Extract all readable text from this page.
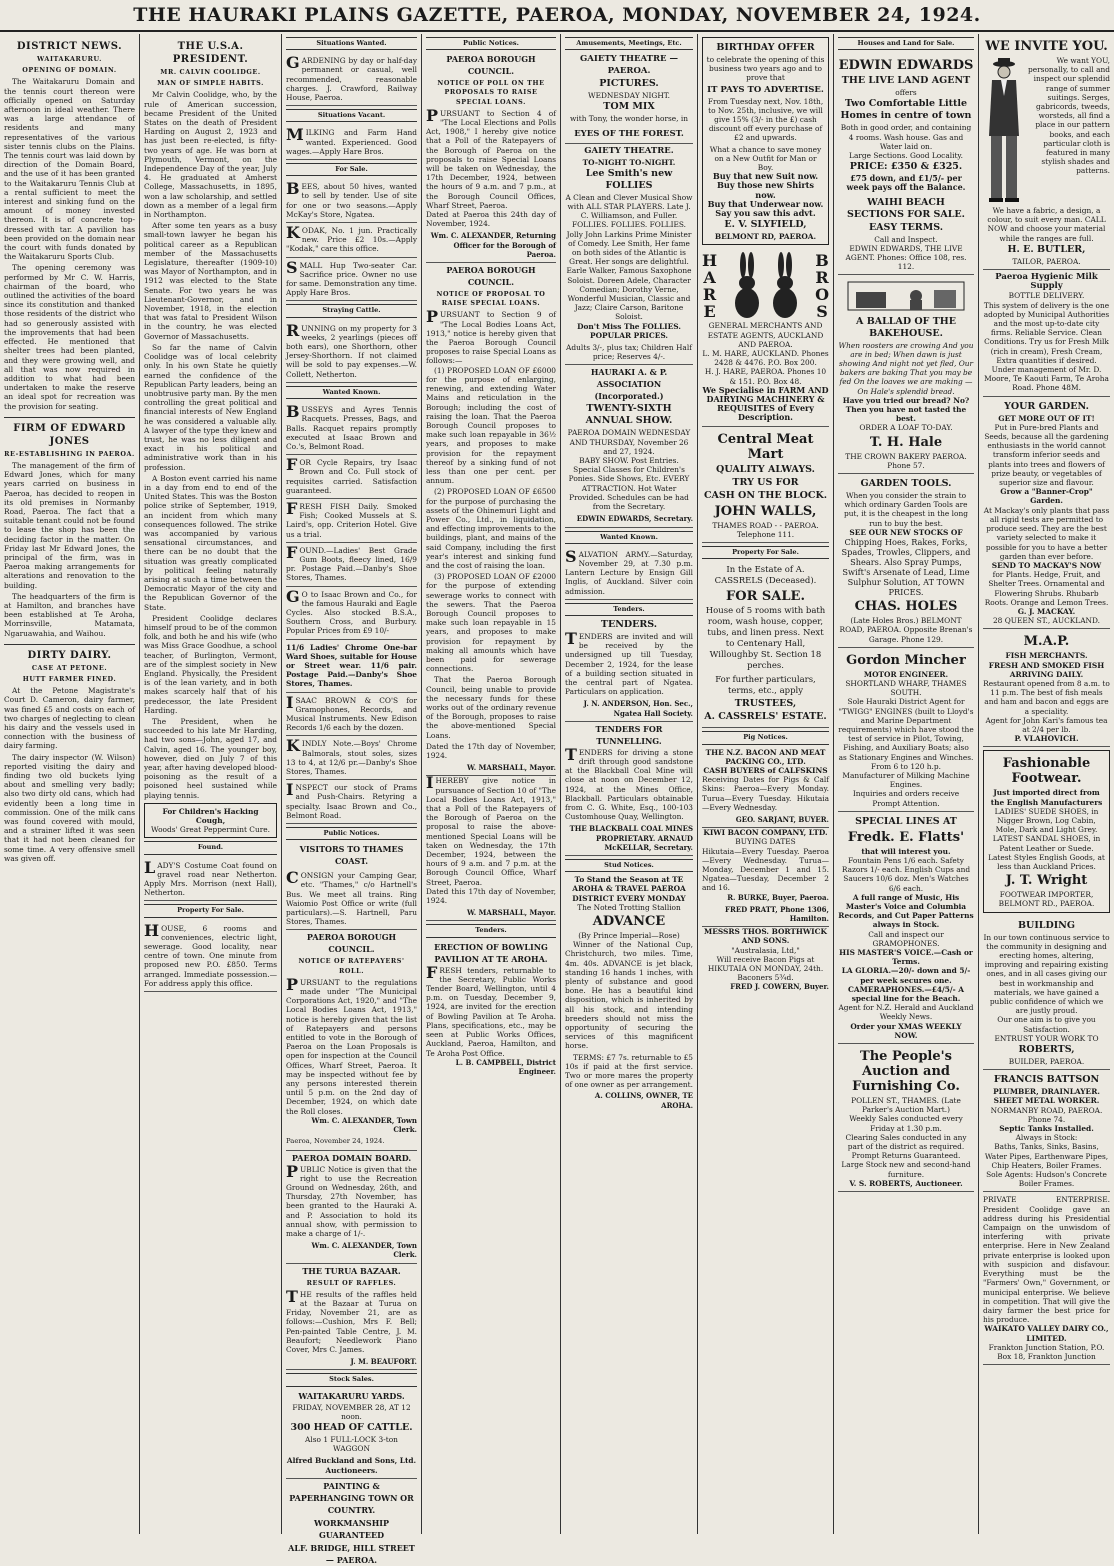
THE HAURAKI PLAINS GAZETTE, PAEROA, MONDAY, NOVEMBER 24, 1924.
DISTRICT NEWS.
WAITAKARURU.
OPENING OF DOMAIN.

The Waitakaruru Domain and the tennis court thereon were officially opened on Saturday afternoon in ideal weather. There was a large attendance of residents and many representatives of the various sister tennis clubs on the Plains. The tennis court was laid down by direction of the Domain Board, and the use of it has been granted to the Waitakaruru Tennis Club at a rental sufficient to meet the interest and sinking fund on the amount of money invested thereon. It is of concrete top-dressed with tar. A pavilion has been provided on the domain near the court with funds donated by the Waitakaruru Sports Club.

The opening ceremony was performed by Mr C. W. Harris, chairman of the board, who outlined the activities of the board since its constitution and thanked those residents of the district who had so generously assisted with the improvements that had been effected. He mentioned that shelter trees had been planted, and they were growing well, and all that was now required in addition to what had been undertaken to make the reserve an ideal spot for recreation was the provision for seating.

FIRM OF EDWARD JONES
RE-ESTABLISHING IN PAEROA.

The management of the firm of Edward Jones, which for many years carried on business in Paeroa, has decided to reopen in its old premises in Normanby Road, Paeroa. The fact that a suitable tenant could not be found to lease the shop has been the deciding factor in the matter. On Friday last Mr Edward Jones, the principal of the firm, was in Paeroa making arrangements for alterations and renovation to the building.

The headquarters of the firm is at Hamilton, and branches have been established at Te Aroha, Morrinsville, Matamata, Ngaruawahia, and Waihou.

DIRTY DAIRY.
CASE AT PETONE.
HUTT FARMER FINED.

At the Petone Magistrate's Court D. Cameron, dairy farmer, was fined £5 and costs on each of two charges of neglecting to clean his dairy and the vessels used in connection with the business of dairy farming.

The dairy inspector (W. Wilson) reported visiting the dairy and finding two old buckets lying about and smelling very badly; also two dirty old cans, which had evidently been a long time in commission. One of the milk cans was found covered with mould, and a strainer lifted it was seen that it had not been cleaned for some time. A very offensive smell was given off.

THE U.S.A. PRESIDENT.
MR. CALVIN COOLIDGE.
MAN OF SIMPLE HABITS.

Mr Calvin Coolidge, who, by the rule of American succession, became President of the United States on the death of President Harding on August 2, 1923 and has just been re-elected, is fifty-two years of age. He was born at Plymouth, Vermont, on the Independence Day of the year, July 4. He graduated at Amherst College, Massachusetts, in 1895, won a law scholarship, and settled down as a member of a legal firm in Northampton.

After some ten years as a busy small-town lawyer he began his political career as a Republican member of the Massachusetts Legislature, thereafter (1909-10) was Mayor of Northampton, and in 1912 was elected to the State Senate. For two years he was Lieutenant-Governor, and in November, 1918, in the election that was fatal to President Wilson in the country, he was elected Governor of Massachusetts.

So far the name of Calvin Coolidge was of local celebrity only. In his own State he quietly earned the confidence of the Republican Party leaders, being an unobtrusive party man. By the men controlling the great political and financial interests of New England he was considered a valuable ally. A lawyer of the type they knew and trust, he was no less diligent and exact in his political and administrative work than in his profession.

A Boston event carried his name in a day from end to end of the United States. This was the Boston police strike of September, 1919, an incident from which many consequences followed. The strike was accompanied by various sensational circumstances, and there can be no doubt that the situation was greatly complicated by political feeling naturally arising at such a time between the Democratic Mayor of the city and the Republican Governor of the State.

President Coolidge declares himself proud to be of the common folk, and both he and his wife (who was Miss Grace Goodhue, a school teacher, of Burlington, Vermont, are of the simplest society in New England. Physically, the President is of the lean variety, and in both makes scarcely half that of his predecessor, the late President Harding.

The President, when he succeeded to his late Mr Harding, had two sons—John, aged 17, and Calvin, aged 16. The younger boy, however, died on July 7 of this year, after having developed blood-poisoning as the result of a poisoned heel sustained while playing tennis.

For Children's Hacking Cough,
Woods' Great Peppermint Cure.
Found.
LADY'S Costume Coat found on gravel road near Netherton. Apply Mrs. Morrison (next Hall), Netherton.
Property For Sale.
HOUSE, 6 rooms and conveniences, electric light, sewerage. Good locality, near centre of town. One minute from proposed new P.O. £850. Terms arranged. Immediate possession.—For address apply this office.
Situations Wanted.
GARDENING by day or half-day permanent or casual, well recommended, reasonable charges. J. Crawford, Railway House, Paeroa.
Situations Vacant.
MILKING and Farm Hand wanted. Experienced. Good wages.—Apply Hare Bros.
For Sale.
BEES, about 50 hives, wanted to sell by tender. Use of site for one or two seasons.—Apply McKay's Store, Ngatea.
KODAK, No. 1 jun. Practically new. Price £2 10s.—Apply "Kodak," care this office.
SMALL Hup Two-seater Car. Sacrifice price. Owner no use for same. Demonstration any time. Apply Hare Bros.
Straying Cattle.
RUNNING on my property for 3 weeks, 2 yearlings (pieces off both ears), one Shorthorn, other Jersey-Shorthorn. If not claimed will be sold to pay expenses.—W. Collett, Netherton.
Wanted Known.
BUSSEYS and Ayres Tennis Racquets. Presses, Bags, and Balls. Racquet repairs promptly executed at Isaac Brown and Co.'s, Belmont Road.
FOR Cycle Repairs, try Isaac Brown and Co. Full stock of requisites carried. Satisfaction guaranteed.
FRESH FISH Daily. Smoked Fish; Cooked Mussels at S. Laird's, opp. Criterion Hotel. Give us a trial.
FOUND.—Ladies' Best Grade Gum Boots, fleecy lined, 16/9 pr. Postage Paid.—Danby's Shoe Stores, Thames.
GO to Isaac Brown and Co., for the famous Hauraki and Eagle Cycles. Also stocked B.S.A., Southern Cross, and Burbury. Popular Prices from £9 10/-
11/6 Ladies' Chrome One-bar Ward Shoes, suitable for House or Street wear. 11/6 pair. Postage Paid.—Danby's Shoe Stores, Thames.
ISAAC BROWN & CO'S for Gramophones, Records, and Musical Instruments. New Edison Records 1/6 each by the dozen.
KINDLY Note.—Boys' Chrome Balmorals, stout soles, sizes 13 to 4, at 12/6 pr.—Danby's Shoe Stores, Thames.
INSPECT our stock of Prams and Push-Chairs. Retyring a specialty. Isaac Brown and Co., Belmont Road.
Public Notices.
VISITORS TO THAMES COAST.
CONSIGN your Camping Gear, etc. "Thames," c/o Hartnell's Bus. We meet all trains. Ring Waiomio Post Office or write (full particulars).—S. Hartnell, Paru Stores, Thames.
PAEROA BOROUGH COUNCIL.
NOTICE OF RATEPAYERS' ROLL.
PURSUANT to the regulations made under "The Municipal Corporations Act, 1920," and "The Local Bodies Loans Act, 1913," notice is hereby given that the list of Ratepayers and persons entitled to vote in the Borough of Paeroa on the Loan Proposals is open for inspection at the Council Offices, Wharf Street, Paeroa. It may be inspected without fee by any persons interested therein until 5 p.m. on the 2nd day of December, 1924, on which date the Roll closes.
Wm. C. ALEXANDER, Town Clerk.
Paeroa, November 24, 1924.
PAEROA DOMAIN BOARD.
PUBLIC Notice is given that the right to use the Recreation Ground on Wednesday, 26th, and Thursday, 27th November, has been granted to the Hauraki A. and P. Association to hold its annual show, with permission to make a charge of 1/-.
Wm. C. ALEXANDER, Town Clerk.
THE TURUA BAZAAR.
RESULT OF RAFFLES.
THE results of the raffles held at the Bazaar at Turua on Friday, November 21, are as follows:—Cushion, Mrs F. Bell; Pen-painted Table Centre, J. M. Beaufort; Needlework Piano Cover, Mrs C. James.
J. M. BEAUFORT.
Stock Sales.
WAITAKARURU YARDS.
FRIDAY, NOVEMBER 28, AT 12 noon.
300 HEAD OF CATTLE.
Also 1 FULL-LOCK 3-ton WAGGON
Alfred Buckland and Sons, Ltd. Auctioneers.
PAINTING & PAPERHANGING TOWN OR COUNTRY.
WORKMANSHIP GUARANTEED
ALF. BRIDGE, HILL STREET — PAEROA.
Public Notices.
PAEROA BOROUGH COUNCIL.
NOTICE OF POLL ON THE PROPOSALS TO RAISE SPECIAL LOANS.
PURSUANT to Section 4 of "The Local Elections and Polls Act, 1908," I hereby give notice that a Poll of the Ratepayers of the Borough of Paeroa on the proposals to raise Special Loans will be taken on Wednesday, the 17th December, 1924, between the hours of 9 a.m. and 7 p.m., at the Borough Council Offices, Wharf Street, Paeroa.
Dated at Paeroa this 24th day of November, 1924.
Wm. C. ALEXANDER, Returning Officer for the Borough of Paeroa.
PAEROA BOROUGH COUNCIL.
NOTICE OF PROPOSAL TO RAISE SPECIAL LOANS.
PURSUANT to Section 9 of "The Local Bodies Loans Act, 1913," notice is hereby given that the Paeroa Borough Council proposes to raise Special Loans as follows:—

(1) PROPOSED LOAN OF £6000 for the purpose of enlarging, renewing, and extending Water Mains and reticulation in the Borough; including the cost of raising the loan. That the Paeroa Borough Council proposes to make such loan repayable in 36½ years, and proposes to make provision for the repayment thereof by a sinking fund of not less than one per cent. per annum.

(2) PROPOSED LOAN OF £6500 for the purpose of purchasing the assets of the Ohinemuri Light and Power Co., Ltd., in liquidation, and effecting improvements to the buildings, plant, and mains of the said Company, including the first year's interest and sinking fund and the cost of raising the loan.

(3) PROPOSED LOAN OF £2000 for the purpose of extending sewerage works to connect with the sewers. That the Paeroa Borough Council proposes to make such loan repayable in 15 years, and proposes to make provision for repayment by making all amounts which have been paid for sewerage connections.

That the Paeroa Borough Council, being unable to provide the necessary funds for these works out of the ordinary revenue of the Borough, proposes to raise the above-mentioned Special Loans.

Dated the 17th day of November, 1924.
W. MARSHALL, Mayor.
IHEREBY give notice in pursuance of Section 10 of "The Local Bodies Loans Act, 1913," that a Poll of the Ratepayers of the Borough of Paeroa on the proposal to raise the above-mentioned Special Loans will be taken on Wednesday, the 17th December, 1924, between the hours of 9 a.m. and 7 p.m. at the Borough Council Office, Wharf Street, Paeroa.
Dated this 17th day of November, 1924.
W. MARSHALL, Mayor.
Tenders.
ERECTION OF BOWLING PAVILION AT TE AROHA.
FRESH tenders, returnable to the Secretary, Public Works Tender Board, Wellington, until 4 p.m. on Tuesday, December 9, 1924, are invited for the erection of Bowling Pavilion at Te Aroha. Plans, specifications, etc., may be seen at Public Works Offices, Auckland, Paeroa, Hamilton, and Te Aroha Post Office.
L. B. CAMPBELL, District Engineer.
Amusements, Meetings, Etc.
GAIETY THEATRE — PAEROA.
PICTURES.
WEDNESDAY NIGHT.
TOM MIX
with Tony, the wonder horse, in
EYES OF THE FOREST.
GAIETY THEATRE.
TO-NIGHT TO-NIGHT.
Lee Smith's new FOLLIES
A Clean and Clever Musical Show with ALL STAR PLAYERS. Late J. C. Williamson, and Fuller. FOLLIES. FOLLIES. FOLLIES. Jolly John Larkins Prime Minister of Comedy. Lee Smith, Her fame on both sides of the Atlantic is Great. Her songs are delightful. Earle Walker, Famous Saxophone Soloist. Doreen Adele, Character Comedian; Dorothy Verne, Wonderful Musician, Classic and Jazz; Claire Carson, Baritone Soloist.
Don't Miss The FOLLIES. POPULAR PRICES.
Adults 3/-, plus tax; Children Half price; Reserves 4/-.
HAURAKI A. & P. ASSOCIATION (Incorporated.)
TWENTY-SIXTH ANNUAL SHOW.
PAEROA DOMAIN WEDNESDAY AND THURSDAY, November 26 and 27, 1924.
BABY SHOW. Post Entries. Special Classes for Children's Ponies. Side Shows, Etc. EVERY ATTRACTION. Hot Water Provided. Schedules can be had from the Secretary.
EDWIN EDWARDS, Secretary.
Wanted Known.
SALVATION ARMY.—Saturday, November 29, at 7.30 p.m. Lantern Lecture by Ensign Gill Inglis, of Auckland. Silver coin admission.
Tenders.
TENDERS.
TENDERS are invited and will be received by the undersigned up till Tuesday, December 2, 1924, for the lease of a building section situated in the central part of Ngatea. Particulars on application.
J. N. ANDERSON, Hon. Sec., Ngatea Hall Society.
TENDERS FOR TUNNELLING.
TENDERS for driving a stone drift through good sandstone at the Blackball Coal Mine will close at noon on December 12, 1924, at the Mines Office, Blackball. Particulars obtainable from C. G. White, Esq., 100-103 Customhouse Quay, Wellington.
THE BLACKBALL COAL MINES PROPRIETARY. ARNAUD McKELLAR, Secretary.
Stud Notices.
To Stand the Season at TE AROHA & TRAVEL PAEROA DISTRICT EVERY MONDAY
The Noted Trotting Stallion
ADVANCE
(By Prince Imperial—Rose)

Winner of the National Cup, Christchurch, two miles. Time, 4m. 40s. ADVANCE is jet black, standing 16 hands 1 inches, with plenty of substance and good bone. He has a beautiful kind disposition, which is inherited by all his stock, and intending breeders should not miss the opportunity of securing the services of this magnificent horse.

TERMS: £7 7s. returnable to £5 10s if paid at the first service. Two or more mares the property of one owner as per arrangement.

A. COLLINS, OWNER, TE AROHA.
BIRTHDAY OFFER
to celebrate the opening of this business two years ago and to prove that
IT PAYS TO ADVERTISE.
From Tuesday next, Nov. 18th, to Nov. 25th, inclusive, we will give 15% (3/- in the £) cash discount off every purchase of £2 and upwards.
What a chance to save money on a New Outfit for Man or Boy.
Buy that new Suit now.
Buy those new Shirts now.
Buy that Underwear now.
Say you saw this advt.
E. V. SLYFIELD,
BELMONT RD, PAEROA.
H
A
R
E
B
R
O
S
GENERAL MERCHANTS AND ESTATE AGENTS, AUCKLAND AND PAEROA.
L. M. HARE, AUCKLAND. Phones 2428 & 4476. P.O. Box 200.
H. J. HARE, PAEROA. Phones 10 & 151. P.O. Box 48.
We Specialise in FARM AND DAIRYING MACHINERY & REQUISITES of Every Description.
Central Meat Mart
QUALITY ALWAYS.
TRY US FOR
CASH ON THE BLOCK.
JOHN WALLS,
THAMES ROAD - - PAEROA.
Telephone 111.
Property For Sale.
In the Estate of A. CASSRELS (Deceased).
FOR SALE.
House of 5 rooms with bath room, wash house, copper, tubs, and linen press. Next to Centenary Hall, Willoughby St. Section 18 perches.
For further particulars, terms, etc., apply
TRUSTEES,
A. CASSRELS' ESTATE.
Pig Notices.
THE N.Z. BACON AND MEAT PACKING CO., LTD.
CASH BUYERS of CALFSKINS
Receiving Dates for Pigs & Calf Skins: Paeroa—Every Monday. Turua—Every Tuesday. Hikutaia—Every Wednesday.
GEO. SARJANT, BUYER.
KIWI BACON COMPANY, LTD.
BUYING DATES
Hikutaia—Every Tuesday. Paeroa—Every Wednesday. Turua—Monday, December 1 and 15. Ngatea—Tuesday, December 2 and 16.
R. BURKE, Buyer, Paeroa.
FRED PRATT, Phone 1306, Hamilton.
MESSRS THOS. BORTHWICK AND SONS.
"Australasia, Ltd,"
Will receive Bacon Pigs at HIKUTAIA ON MONDAY, 24th. Baconers 5¾d.
FRED J. COWERN, Buyer.
Houses and Land for Sale.
EDWIN EDWARDS
THE LIVE LAND AGENT
offers
Two Comfortable Little Homes in centre of town
Both in good order, and containing 4 rooms. Wash house. Gas and Water laid on.
Large Sections. Good Locality.
PRICE: £350 & £325.
£75 down, and £1/5/- per week pays off the Balance.
WAIHI BEACH SECTIONS FOR SALE.
EASY TERMS.
Call and Inspect.
EDWIN EDWARDS, THE LIVE AGENT. Phones: Office 108, res. 112.
A BALLAD OF THE BAKEHOUSE.
When roosters are crowing And you are in bed; When dawn is just showing And night not yet fled, Our bakers are baking That you may be fed On the loaves we are making —On Hale's splendid bread.
Have you tried our bread? No? Then you have not tasted the best.
ORDER A LOAF TO-DAY.
T. H. Hale
THE CROWN BAKERY PAEROA. Phone 57.
GARDEN TOOLS.
When you consider the strain to which ordinary Garden Tools are put, it is the cheapest in the long run to buy the best.
SEE OUR NEW STOCKS OF
Chipping Hoes, Rakes, Forks, Spades, Trowles, Clippers, and Shears. Also Spray Pumps, Swift's Arsenate of Lead, Lime Sulphur Solution, AT TOWN PRICES.
CHAS. HOLES
(Late Holes Bros.) BELMONT ROAD, PAEROA. Opposite Brenan's Garage. Phone 129.
Gordon Mincher
MOTOR ENGINEER.
SHORTLAND WHARF, THAMES SOUTH.
Sole Hauraki District Agent for "TWIGG" ENGINES (built to Lloyd's and Marine Department requirements) which have stood the test of service in Pilot, Towing, Fishing, and Auxiliary Boats; also as Stationary Engines and Winches. From 6 to 120 h.p.
Manufacturer of Milking Machine Engines.
Inquiries and orders receive Prompt Attention.
SPECIAL LINES AT
Fredk. E. Flatts'
that will interest you.
Fountain Pens 1/6 each. Safety Razors 1/- each. English Cups and Saucers 10/6 doz. Men's Watches 6/6 each.
A full range of Music, His Master's Voice and Columbia Records, and Cut Paper Patterns always in Stock.
Call and inspect our GRAMOPHONES.
HIS MASTER'S VOICE.—Cash or Terms.
LA GLORIA.—20/- down and 5/- per week secures one.
CAMERAPHONES.—£4/5/- A special line for the Beach.
Agent for N.Z. Herald and Auckland Weekly News.
Order your XMAS WEEKLY NOW.
The People's Auction and Furnishing Co.
POLLEN ST., THAMES. (Late Parker's Auction Mart.)
Weekly Sales conducted every Friday at 1.30 p.m.
Clearing Sales conducted in any part of the district as required.
Prompt Returns Guaranteed.
Large Stock new and second-hand furniture.
V. S. ROBERTS, Auctioneer.
WE INVITE YOU.
We want YOU, personally, to call and inspect our splendid range of summer suitings. Serges, gabricords, tweeds, worsteds, all find a place in our pattern books, and each particular cloth is featured in many stylish shades and patterns.
We have a fabric, a design, a colour, to suit every man. CALL NOW and choose your material while the ranges are full.
H. E. BUTLER,
TAILOR, PAEROA.
Paeroa Hygienic Milk Supply
BOTTLE DELIVERY.
This system of delivery is the one adopted by Municipal Authorities and the most up-to-date city firms. Reliable Service. Clean Conditions. Try us for Fresh Milk (rich in cream), Fresh Cream, Extra quantities if desired.
Under management of Mr. D. Moore, Te Kaouti Farm, Te Aroha Road. Phone 48M.
YOUR GARDEN.
GET MORE OUT OF IT!
Put in Pure-bred Plants and Seeds, because all the gardening enthusiasts in the world cannot transform inferior seeds and plants into trees and flowers of prize beauty, or vegetables of superior size and flavour.
Grow a "Banner-Crop" Garden.
At Mackay's only plants that pass all rigid tests are permitted to produce seed. They are the best variety selected to make it possible for you to have a better garden than ever before.
SEND TO MACKAY'S NOW
for Plants. Hedge, Fruit, and Shelter Trees. Ornamental and Flowering Shrubs. Rhubarb Roots. Orange and Lemon Trees.
G. J. MACKAY.
28 QUEEN ST., AUCKLAND.
M.A.P.
FISH MERCHANTS.
FRESH AND SMOKED FISH ARRIVING DAILY.
Restaurant opened from 8 a.m. to 11 p.m. The best of fish meals and ham and bacon and eggs are a speciality.
Agent for John Kari's famous tea at 2/4 per lb.
P. VLAHOVICH.
Fashionable Footwear.
Just imported direct from the English Manufacturers
LADIES' SUEDE SHOES, in Nigger Brown, Log Cabin, Mole, Dark and Light Grey.
LATEST SANDAL SHOES, in Patent Leather or Suede.
Latest Styles English Goods, at less than Auckland Prices.
J. T. Wright
FOOTWEAR IMPORTER, BELMONT RD., PAEROA.
BUILDING
In our town continuous service to the community in designing and erecting homes, altering, improving and repairing existing ones, and in all cases giving our best in workmanship and materials, we have gained a public confidence of which we are justly proud.
Our one aim is to give you Satisfaction.
ENTRUST YOUR WORK TO
ROBERTS,
BUILDER, PAEROA.
FRANCIS BATTSON
PLUMBER, DRAINLAYER. SHEET METAL WORKER.
NORMANBY ROAD, PAEROA. Phone 74.
Septic Tanks Installed.
Always in Stock:
Baths, Tanks, Sinks, Basins, Water Pipes, Earthenware Pipes, Chip Heaters, Boiler Frames.
Sole Agents: Hudson's Concrete Boiler Frames.
PRIVATE ENTERPRISE. President Coolidge gave an address during his Presidential Campaign on the unwisdom of interfering with private enterprise. Here in New Zealand private enterprise is looked upon with suspicion and disfavour. Everything must be the "Farmers' Own," Government, or municipal enterprise. We believe in competition. That will give the dairy farmer the best price for his produce.
WAIKATO VALLEY DAIRY CO., LIMITED.
Frankton Junction Station, P.O. Box 18, Frankton Junction
